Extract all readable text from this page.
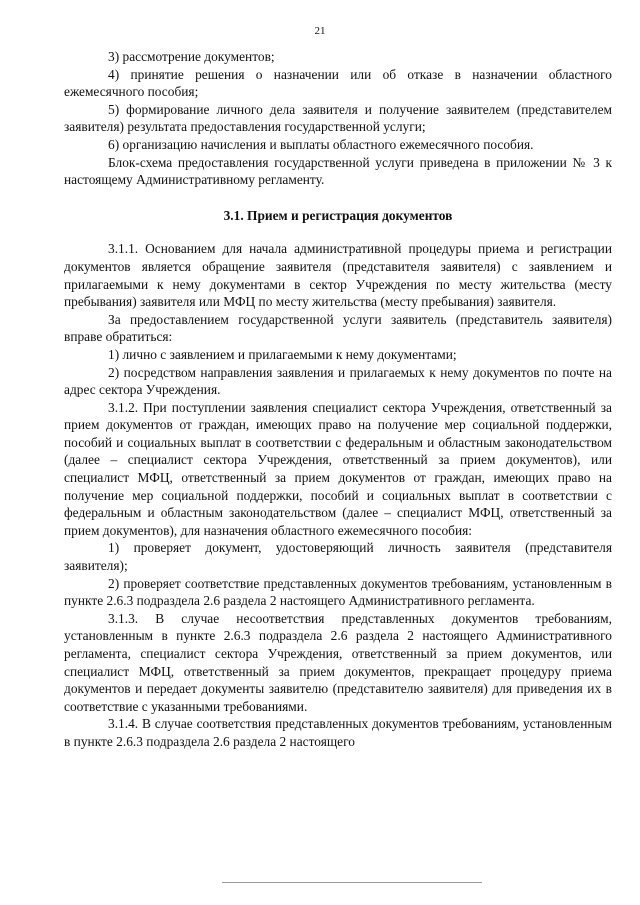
21

3) рассмотрение документов;

4) принятие решения о назначении или об отказе в назначении областного ежемесячного пособия;

5) формирование личного дела заявителя и получение заявителем (представителем заявителя) результата предоставления государственной услуги;

6) организацию начисления и выплаты областного ежемесячного пособия.

Блок-схема предоставления государственной услуги приведена в приложении № 3 к настоящему Административному регламенту.

3.1. Прием и регистрация документов

3.1.1. Основанием для начала административной процедуры приема и регистрации документов является обращение заявителя (представителя заявителя) с заявлением и прилагаемыми к нему документами в сектор Учреждения по месту жительства (месту пребывания) заявителя или МФЦ по месту жительства (месту пребывания) заявителя.

За предоставлением государственной услуги заявитель (представитель заявителя) вправе обратиться:

1) лично с заявлением и прилагаемыми к нему документами;

2) посредством направления заявления и прилагаемых к нему документов по почте на адрес сектора Учреждения.

3.1.2. При поступлении заявления специалист сектора Учреждения, ответственный за прием документов от граждан, имеющих право на получение мер социальной поддержки, пособий и социальных выплат в соответствии с федеральным и областным законодательством (далее – специалист сектора Учреждения, ответственный за прием документов), или специалист МФЦ, ответственный за прием документов от граждан, имеющих право на получение мер социальной поддержки, пособий и социальных выплат в соответствии с федеральным и областным законодательством (далее – специалист МФЦ, ответственный за прием документов), для назначения областного ежемесячного пособия:

1) проверяет документ, удостоверяющий личность заявителя (представителя заявителя);

2) проверяет соответствие представленных документов требованиям, установленным в пункте 2.6.3 подраздела 2.6 раздела 2 настоящего Административного регламента.

3.1.3. В случае несоответствия представленных документов требованиям, установленным в пункте 2.6.3 подраздела 2.6 раздела 2 настоящего Административного регламента, специалист сектора Учреждения, ответственный за прием документов, или специалист МФЦ, ответственный за прием документов, прекращает процедуру приема документов и передает документы заявителю (представителю заявителя) для приведения их в соответствие с указанными требованиями.

3.1.4. В случае соответствия представленных документов требованиям, установленным в пункте 2.6.3 подраздела 2.6 раздела 2 настоящего
